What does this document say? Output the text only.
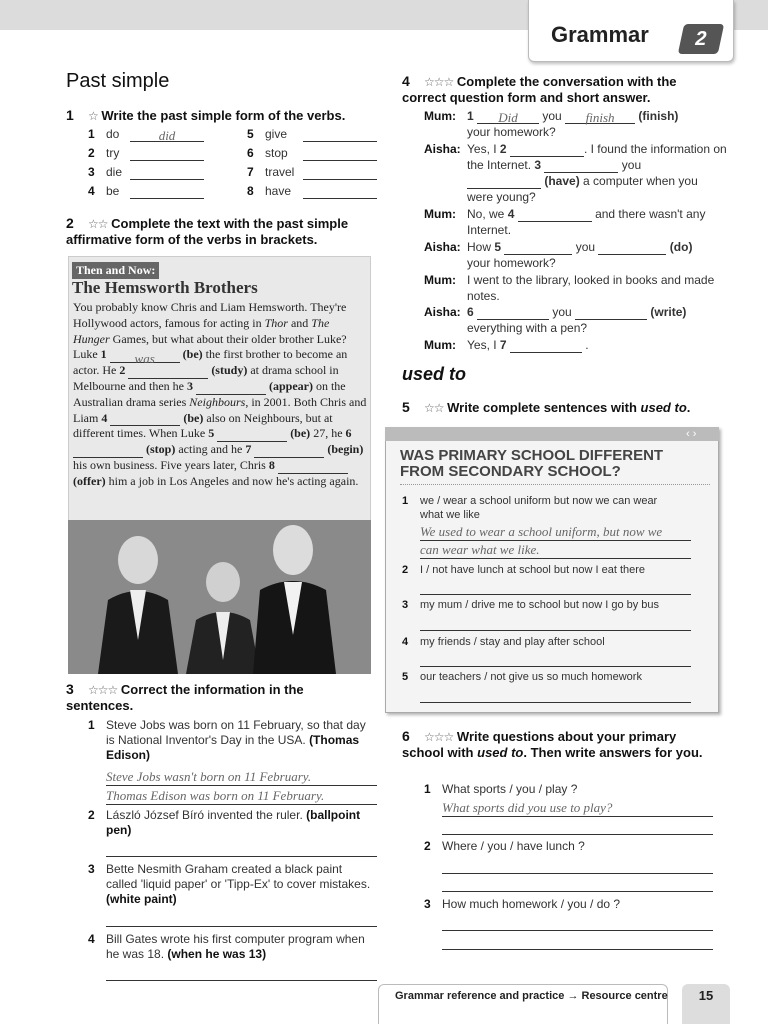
Grammar	2
Past simple
1 ☆ Write the past simple form of the verbs.
1 do	did
2 try
3 die
4 be
5 give
6 stop
7 travel
8 have
2 ☆☆ Complete the text with the past simple affirmative form of the verbs in brackets.
Then and Now:
The Hemsworth Brothers
You probably know Chris and Liam Hemsworth. They're Hollywood actors, famous for acting in Thor and The Hunger Games, but what about their older brother Luke? Luke 1 was (be) the first brother to become an actor. He 2	(study) at drama school in Melbourne and then he 3	(appear) on the Australian drama series Neighbours, in 2001. Both Chris and Liam 4	(be) also on Neighbours, but at different times. When Luke 5	(be) 27, he 6  (stop) acting and he 7	(begin) his own business. Five years later, Chris 8  (offer) him a job in Los Angeles and now he's acting again.
3 ☆☆☆ Correct the information in the sentences.
1 Steve Jobs was born on 11 February, so that day is National Inventor's Day in the USA. (Thomas Edison)
Steve Jobs wasn't born on 11 February.
Thomas Edison was born on 11 February.
2 László József Bíró invented the ruler. (ballpoint pen)
3 Bette Nesmith Graham created a black paint called 'liquid paper' or 'Tipp-Ex' to cover mistakes. (white paint)
4 Bill Gates wrote his first computer program when he was 18. (when he was 13)
4 ☆☆☆ Complete the conversation with the correct question form and short answer.
Mum: 1 Did you finish (finish)
your homework?
Aisha: Yes, I 2	. I found the information on the Internet. 3	you
(have) a computer when you were young?
Mum: No, we 4	and there wasn't any Internet.
Aisha: How 5	you	(do)
your homework?
Mum: I went to the library, looked in books and made notes.
Aisha: 6	you	(write)
everything with a pen?
Mum: Yes, I 7	.
used to
5 ☆☆ Write complete sentences with used to.
‹ ›
WAS PRIMARY SCHOOL DIFFERENT FROM SECONDARY SCHOOL?
1	we / wear a school uniform but now we can wear what we like
We used to wear a school uniform, but now we
can wear what we like.
2 I / not have lunch at school but now I eat there
3 my mum / drive me to school but now I go by bus
4 my friends / stay and play after school
5 our teachers / not give us so much homework
6 ☆☆☆ Write questions about your primary school with used to. Then write answers for you.
1 What sports / you / play ?
What sports did you use to play?
2 Where / you / have lunch ?
3 How much homework / you / do ?
Grammar reference and practice → Resource centre	15
